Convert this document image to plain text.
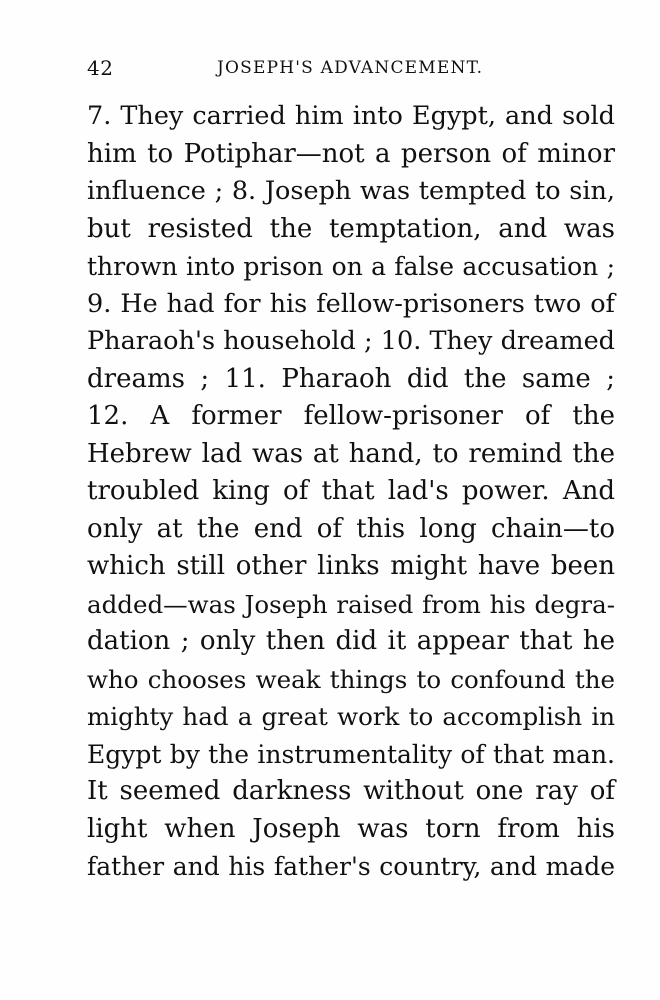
42	JOSEPH'S ADVANCEMENT.
7. They carried him into Egypt, and sold
him to Potiphar—not a person of minor
influence ; 8. Joseph was tempted to sin,
but resisted the temptation, and was
thrown into prison on a false accusation ;
9. He had for his fellow-prisoners two of
Pharaoh's household ; 10. They dreamed
dreams ; 11. Pharaoh did the same ;
12. A former fellow-prisoner of the
Hebrew lad was at hand, to remind the
troubled king of that lad's power. And
only at the end of this long chain—to
which still other links might have been
added—was Joseph raised from his degra-
dation ; only then did it appear that he
who chooses weak things to confound the
mighty had a great work to accomplish in
Egypt by the instrumentality of that man.
It seemed darkness without one ray of
light when Joseph was torn from his
father and his father's country, and made
